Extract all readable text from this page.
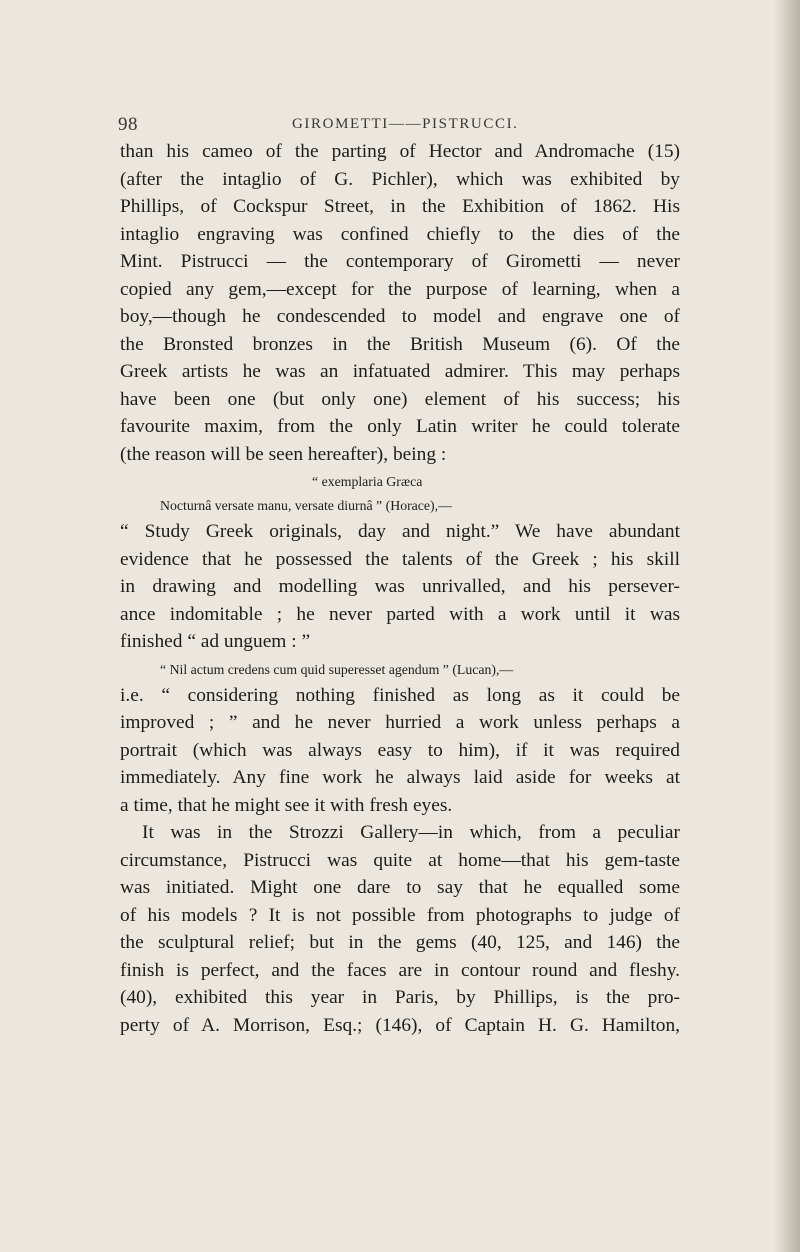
98	GIROMETTI——PISTRUCCI.
than his cameo of the parting of Hector and Andromache (15)
(after the intaglio of G. Pichler), which was exhibited by
Phillips, of Cockspur Street, in the Exhibition of 1862. His
intaglio engraving was confined chiefly to the dies of the
Mint. Pistrucci — the contemporary of Girometti — never
copied any gem,—except for the purpose of learning, when a
boy,—though he condescended to model and engrave one of
the Bronsted bronzes in the British Museum (6). Of the
Greek artists he was an infatuated admirer. This may perhaps
have been one (but only one) element of his success; his
favourite maxim, from the only Latin writer he could tolerate
(the reason will be seen hereafter), being :
“ exemplaria Græca
Nocturnâ versate manu, versate diurnâ ” (Horace),—
“ Study Greek originals, day and night.” We have abundant
evidence that he possessed the talents of the Greek ; his skill
in drawing and modelling was unrivalled, and his persever-
ance indomitable ; he never parted with a work until it was
finished “ ad unguem : ”
“ Nil actum credens cum quid superesset agendum ” (Lucan),—
i.e. “ considering nothing finished as long as it could be
improved ; ” and he never hurried a work unless perhaps a
portrait (which was always easy to him), if it was required
immediately. Any fine work he always laid aside for weeks at
a time, that he might see it with fresh eyes.
It was in the Strozzi Gallery—in which, from a peculiar
circumstance, Pistrucci was quite at home—that his gem-taste
was initiated. Might one dare to say that he equalled some
of his models ? It is not possible from photographs to judge of
the sculptural relief; but in the gems (40, 125, and 146) the
finish is perfect, and the faces are in contour round and fleshy.
(40), exhibited this year in Paris, by Phillips, is the pro-
perty of A. Morrison, Esq.; (146), of Captain H. G. Hamilton,
